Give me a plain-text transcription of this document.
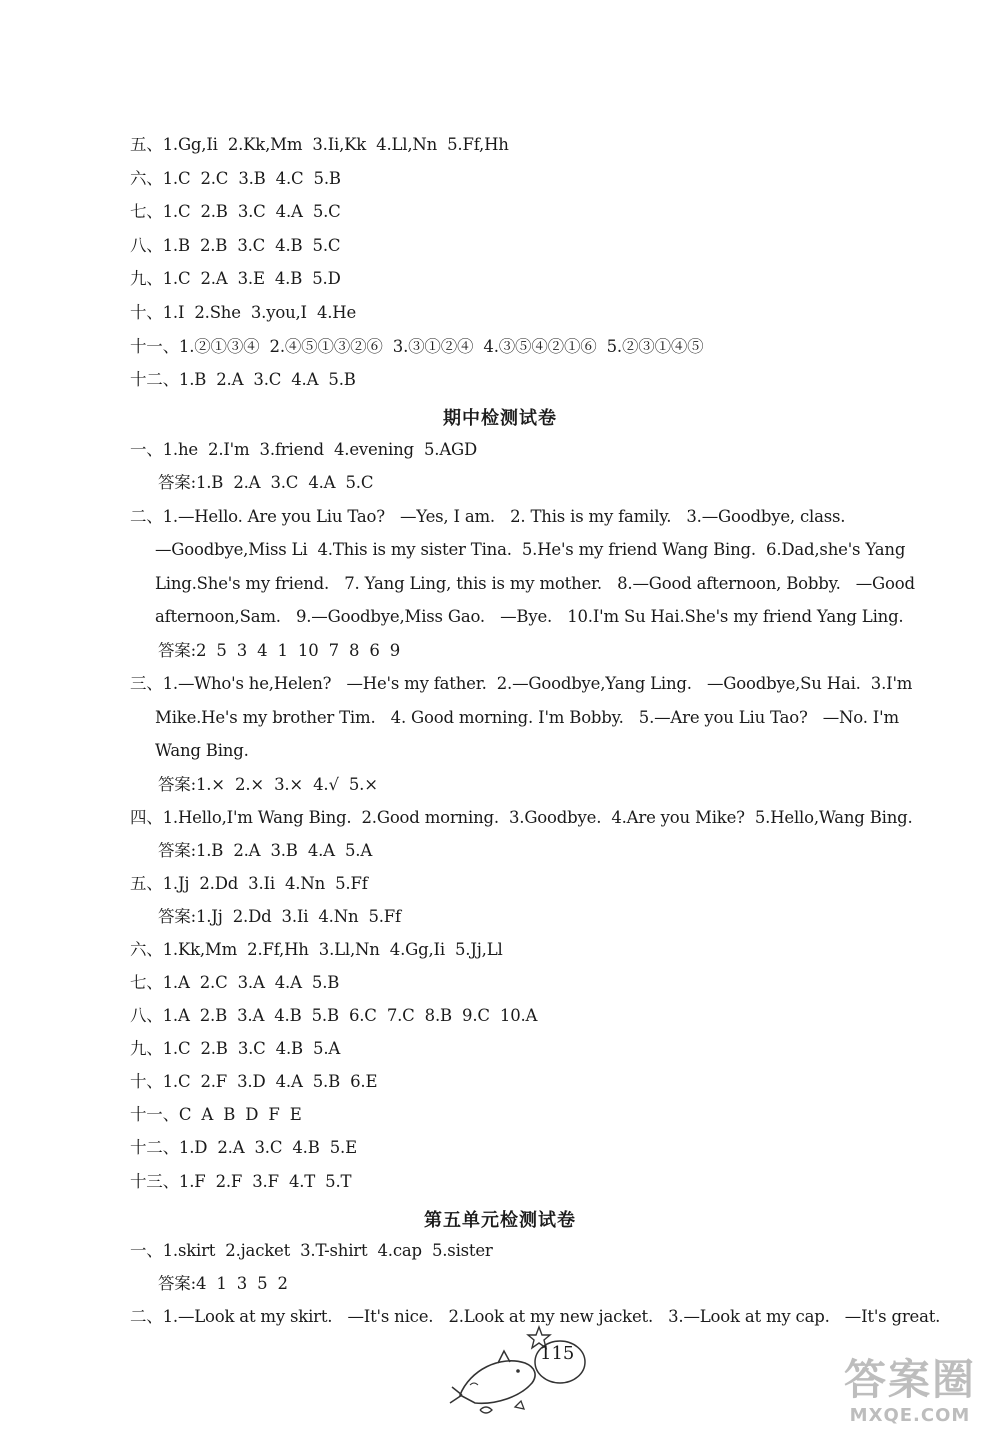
五、1.Gg,Ii  2.Kk,Mm  3.Ii,Kk  4.Ll,Nn  5.Ff,Hh
六、1.C  2.C  3.B  4.C  5.B
七、1.C  2.B  3.C  4.A  5.C
八、1.B  2.B  3.C  4.B  5.C
九、1.C  2.A  3.E  4.B  5.D
十、1.I  2.She  3.you,I  4.He
十一、1.②①③④  2.④⑤①③②⑥  3.③①②④  4.③⑤④②①⑥  5.②③①④⑤
十二、1.B  2.A  3.C  4.A  5.B
期中检测试卷
一、1.he  2.I'm  3.friend  4.evening  5.AGD
答案:1.B  2.A  3.C  4.A  5.C
二、1.—Hello. Are you Liu Tao?   —Yes, I am.   2. This is my family.   3.—Goodbye, class.
—Goodbye,Miss Li  4.This is my sister Tina.  5.He's my friend Wang Bing.  6.Dad,she's Yang
Ling.She's my friend.   7. Yang Ling, this is my mother.   8.—Good afternoon, Bobby.   —Good
afternoon,Sam.   9.—Goodbye,Miss Gao.   —Bye.   10.I'm Su Hai.She's my friend Yang Ling.
答案:2  5  3  4  1  10  7  8  6  9
三、1.—Who's he,Helen?   —He's my father.  2.—Goodbye,Yang Ling.   —Goodbye,Su Hai.  3.I'm
Mike.He's my brother Tim.   4. Good morning. I'm Bobby.   5.—Are you Liu Tao?   —No. I'm
Wang Bing.
答案:1.×  2.×  3.×  4.√  5.×
四、1.Hello,I'm Wang Bing.  2.Good morning.  3.Goodbye.  4.Are you Mike?  5.Hello,Wang Bing.
答案:1.B  2.A  3.B  4.A  5.A
五、1.Jj  2.Dd  3.Ii  4.Nn  5.Ff
答案:1.Jj  2.Dd  3.Ii  4.Nn  5.Ff
六、1.Kk,Mm  2.Ff,Hh  3.Ll,Nn  4.Gg,Ii  5.Jj,Ll
七、1.A  2.C  3.A  4.A  5.B
八、1.A  2.B  3.A  4.B  5.B  6.C  7.C  8.B  9.C  10.A
九、1.C  2.B  3.C  4.B  5.A
十、1.C  2.F  3.D  4.A  5.B  6.E
十一、C  A  B  D  F  E
十二、1.D  2.A  3.C  4.B  5.E
十三、1.F  2.F  3.F  4.T  5.T
第五单元检测试卷
一、1.skirt  2.jacket  3.T-shirt  4.cap  5.sister
答案:4  1  3  5  2
二、1.—Look at my skirt.   —It's nice.   2.Look at my new jacket.   3.—Look at my cap.   —It's great.
115
答案圈
MXQE.COM
